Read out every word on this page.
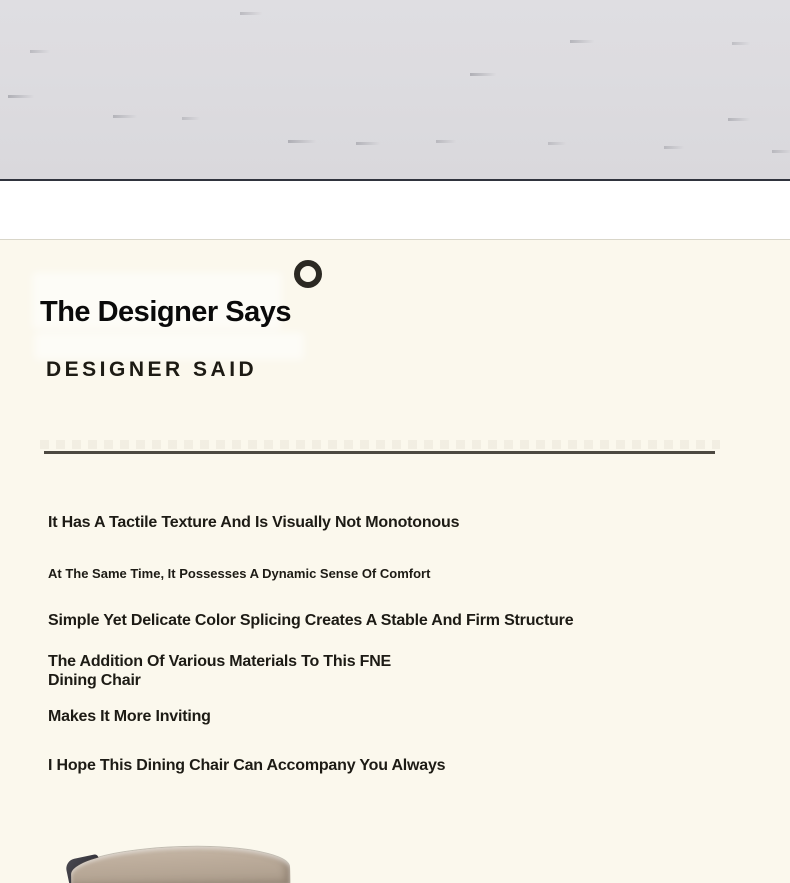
The Designer Says
DESIGNER SAID

It Has A Tactile Texture And Is Visually Not Monotonous

At The Same Time, It Possesses A Dynamic Sense Of Comfort

Simple Yet Delicate Color Splicing Creates A Stable And Firm Structure

The Addition Of Various Materials To This FNE
Dining Chair

Makes It More Inviting

I Hope This Dining Chair Can Accompany You Always
